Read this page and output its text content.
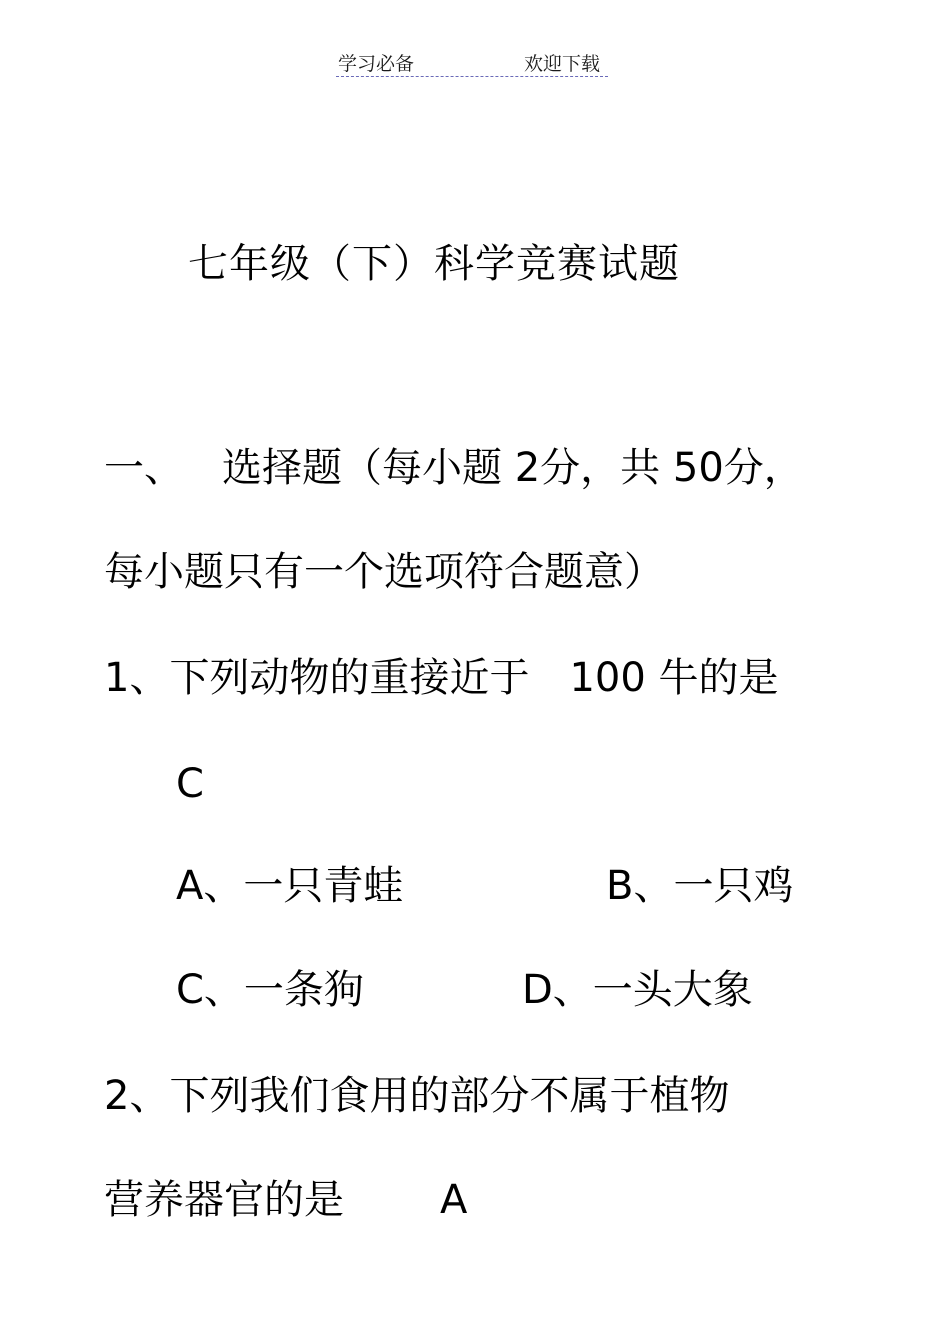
学习必备	欢迎下载
七年级（下）科学竞赛试题
一、 选择题（每小题 2分，共 50分，
每小题只有一个选项符合题意）
1、下列动物的重接近于　100 牛的是
C
A、一只青蛙	B、一只鸡
C、一条狗	D、一头大象
2、下列我们食用的部分不属于植物
营养器官的是 A
